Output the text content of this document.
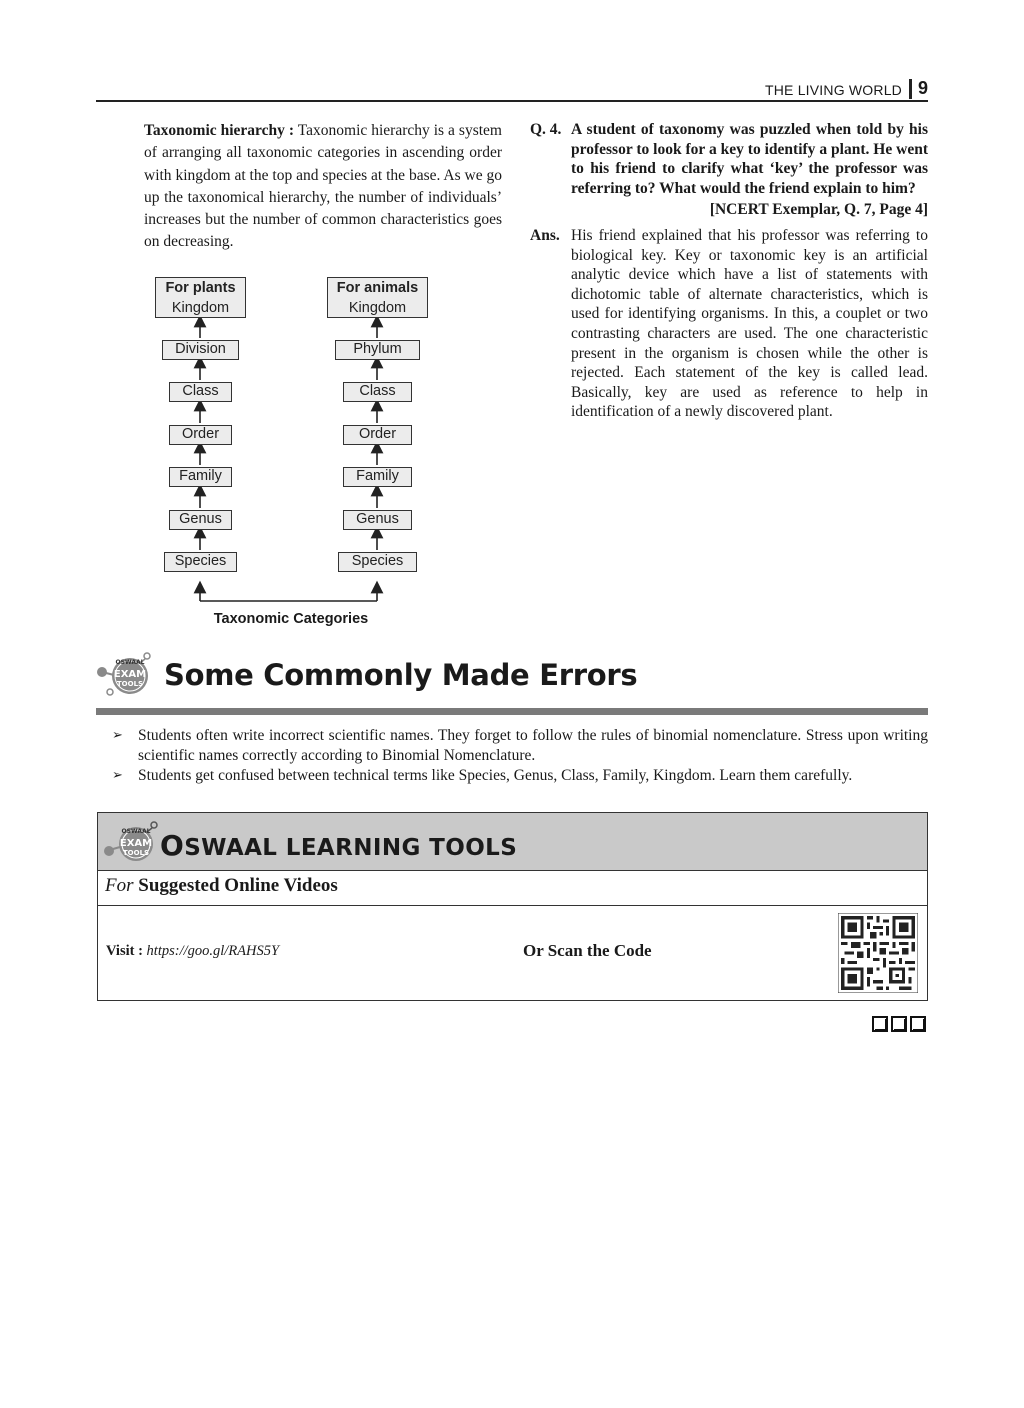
THE LIVING WORLD 9
Taxonomic hierarchy : Taxonomic hierarchy is a system of arranging all taxonomic categories in ascending order with kingdom at the top and species at the base. As we go up the taxonomical hierarchy, the number of individuals’ increases but the number of common characteristics goes on decreasing.
For plants
Kingdom
Division
Class
Order
Family
Genus
Species
For animals
Kingdom
Phylum
Class
Order
Family
Genus
Species
Taxonomic Categories
Q. 4. A student of taxonomy was puzzled when told by his professor to look for a key to identify a plant. He went to his friend to clarify what ‘key’ the professor was referring to? What would the friend explain to him?
[NCERT Exemplar, Q. 7, Page 4]
Ans. His friend explained that his professor was referring to biological key. Key or taxonomic key is an artificial analytic device which have a list of statements with dichotomic table of alternate characteristics, which is used for identifying organisms. In this, a couplet or two contrasting characters are used. The one characteristic present in the organism is chosen while the other is rejected. Each statement of the key is called lead. Basically, key are used as reference to help in identification of a newly discovered plant.
OSWAAL
EXAM
TOOLS Some Commonly Made Errors
➢ Students often write incorrect scientific names. They forget to follow the rules of binomial nomenclature. Stress upon writing scientific names correctly according to Binomial Nomenclature.
➢ Students get confused between technical terms like Species, Genus, Class, Family, Kingdom. Learn them carefully.
OSWAAL
EXAM
TOOLS OSWAAL LEARNING TOOLS
For Suggested Online Videos
Visit : https://goo.gl/RAHS5Y	Or Scan the Code
